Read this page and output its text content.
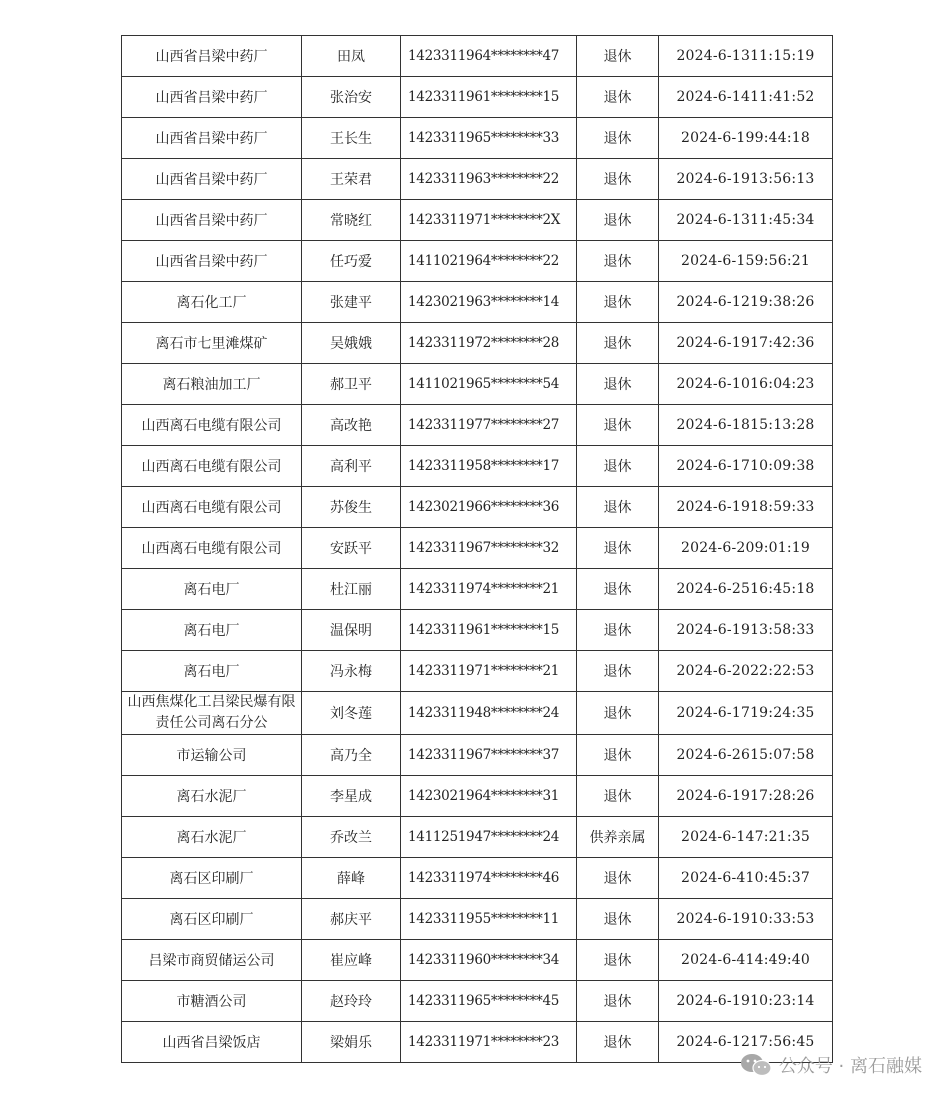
山西省吕梁中药厂	田凤	1423311964********47	退休	2024-6-1311:15:19
山西省吕梁中药厂	张治安	1423311961********15	退休	2024-6-1411:41:52
山西省吕梁中药厂	王长生	1423311965********33	退休	2024-6-199:44:18
山西省吕梁中药厂	王荣君	1423311963********22	退休	2024-6-1913:56:13
山西省吕梁中药厂	常晓红	1423311971********2X	退休	2024-6-1311:45:34
山西省吕梁中药厂	任巧爱	1411021964********22	退休	2024-6-159:56:21
离石化工厂	张建平	1423021963********14	退休	2024-6-1219:38:26
离石市七里滩煤矿	吴娥娥	1423311972********28	退休	2024-6-1917:42:36
离石粮油加工厂	郝卫平	1411021965********54	退休	2024-6-1016:04:23
山西离石电缆有限公司	高改艳	1423311977********27	退休	2024-6-1815:13:28
山西离石电缆有限公司	高利平	1423311958********17	退休	2024-6-1710:09:38
山西离石电缆有限公司	苏俊生	1423021966********36	退休	2024-6-1918:59:33
山西离石电缆有限公司	安跃平	1423311967********32	退休	2024-6-209:01:19
离石电厂	杜江丽	1423311974********21	退休	2024-6-2516:45:18
离石电厂	温保明	1423311961********15	退休	2024-6-1913:58:33
离石电厂	冯永梅	1423311971********21	退休	2024-6-2022:22:53
山西焦煤化工吕梁民爆有限责任公司离石分公	刘冬莲	1423311948********24	退休	2024-6-1719:24:35
市运输公司	高乃全	1423311967********37	退休	2024-6-2615:07:58
离石水泥厂	李星成	1423021964********31	退休	2024-6-1917:28:26
离石水泥厂	乔改兰	1411251947********24	供养亲属	2024-6-147:21:35
离石区印刷厂	薛峰	1423311974********46	退休	2024-6-410:45:37
离石区印刷厂	郝庆平	1423311955********11	退休	2024-6-1910:33:53
吕梁市商贸储运公司	崔应峰	1423311960********34	退休	2024-6-414:49:40
市糖酒公司	赵玲玲	1423311965********45	退休	2024-6-1910:23:14
山西省吕梁饭店	梁娟乐	1423311971********23	退休	2024-6-1217:56:45
公众号 · 离石融媒
